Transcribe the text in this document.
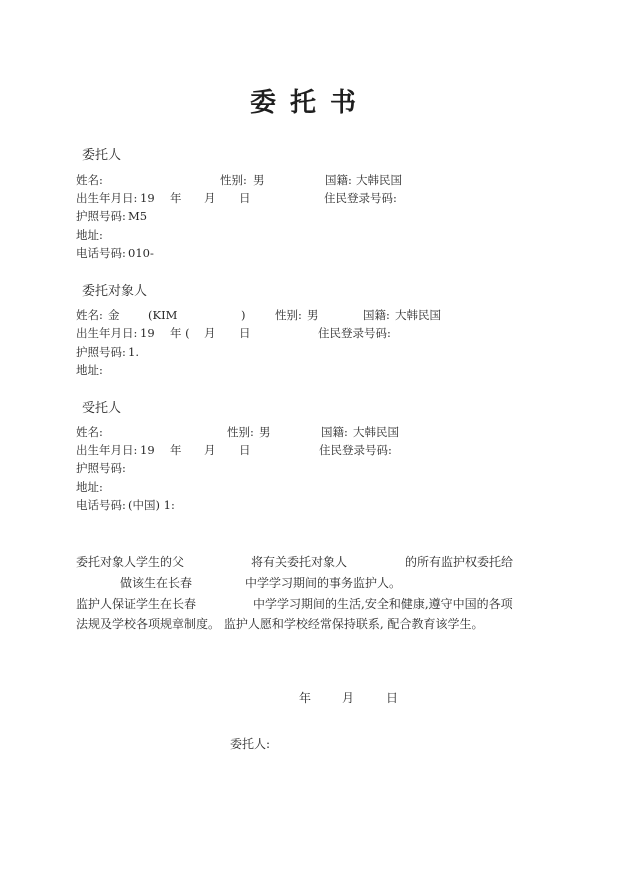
委托书
委托人
姓名:	性别: 男	国籍: 大韩民国
出生年月日: 19 年 月 日	住民登录号码:
护照号码: M5
地址:
电话号码: 010-
委托对象人
姓名: 金 (KIM	)	性别: 男	国籍: 大韩民国
出生年月日: 19 年 ( 月 日	住民登录号码:
护照号码: 1.
地址:
受托人
姓名:	性别: 男	国籍: 大韩民国
出生年月日: 19 年 月 日	住民登录号码:
护照号码:
地址:
电话号码: (中国) 1:
委托对象人学生的父	将有关委托对象人	的所有监护权委托给
做该生在长春	中学学习期间的事务监护人。
监护人保证学生在长春	中学学习期间的生活,安全和健康,遵守中国的各项
法规及学校各项规章制度。 监护人愿和学校经常保持联系, 配合教育该学生。
年	月	日
委托人:
